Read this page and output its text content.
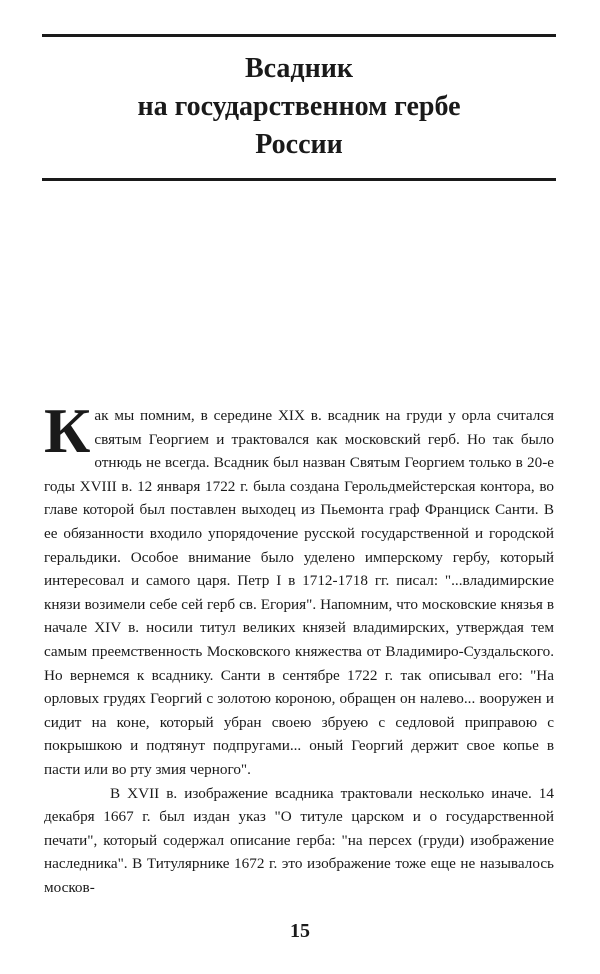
Всадник
на государственном гербе
России

Как мы помним, в середине XIX в. всадник на груди у орла считался святым Георгием и трактовался как московский герб. Но так было отнюдь не всегда. Всадник был назван Святым Георгием только в 20-е годы XVIII в. 12 января 1722 г. была создана Герольдмейстерская контора, во главе которой был поставлен выходец из Пьемонта граф Франциск Санти. В ее обязанности входило упорядочение русской государственной и городской геральдики. Особое внимание было уделено имперскому гербу, который интересовал и самого царя. Петр I в 1712-1718 гг. писал: "...владимирские князи возимели себе сей герб св. Егория". Напомним, что московские князья в начале XIV в. носили титул великих князей владимирских, утверждая тем самым преемственность Московского княжества от Владимиро-Суздальского. Но вернемся к всаднику. Санти в сентябре 1722 г. так описывал его: "На орловых грудях Георгий с золотою короною, обращен он налево... вооружен и сидит на коне, который убран своею збруею с седловой приправою с покрышкою и подтянут подпругами... оный Георгий держит свое копье в пасти или во рту змия черного".

В XVII в. изображение всадника трактовали несколько иначе. 14 декабря 1667 г. был издан указ "О титуле царском и о государственной печати", который содержал описание герба: "на персех (груди) изображение наследника". В Титулярнике 1672 г. это изображение тоже еще не называлось москов-

15
